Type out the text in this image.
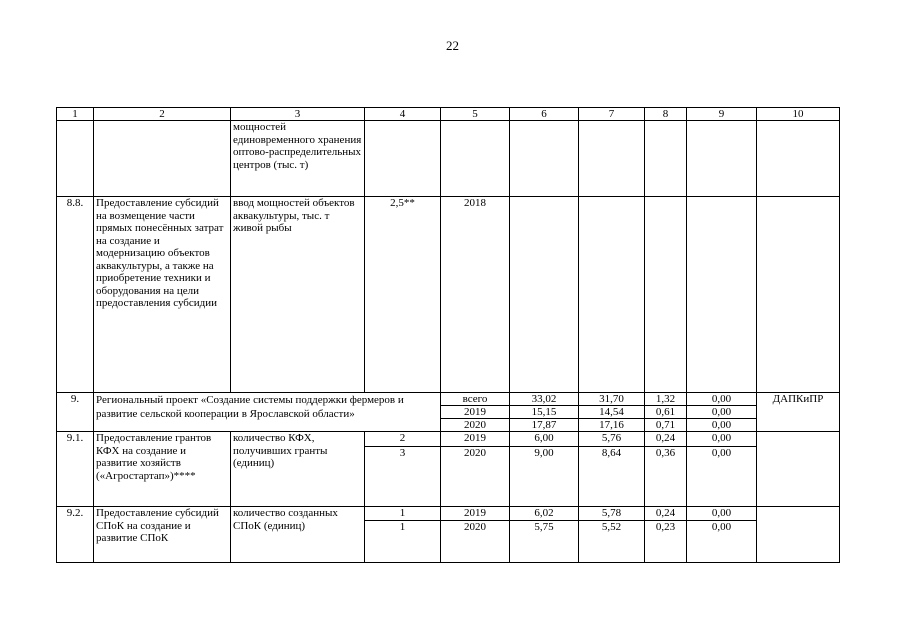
22
1	2	3	4	5	6	7	8	9	10
		мощностей единовременного хранения оптово-распределительных центров (тыс. т)							
8.8.	Предоставление субсидий на возмещение части прямых понесённых затрат на создание и модернизацию объектов аквакультуры, а также на приобретение техники и оборудования на цели предоставления субсидии	ввод мощностей объектов аквакультуры, тыс. т живой рыбы	2,5**	2018					
9.	Региональный проект «Создание системы поддержки фермеров и развитие сельской кооперации в Ярославской области»			всего	33,02	31,70	1,32	0,00	ДАПКиПР
				2019	15,15	14,54	0,61	0,00	
				2020	17,87	17,16	0,71	0,00	
9.1.	Предоставление грантов КФХ на создание и развитие хозяйств («Агростартап»)****	количество КФХ, получивших гранты (единиц)	2	2019	6,00	5,76	0,24	0,00	
			3	2020	9,00	8,64	0,36	0,00	
9.2.	Предоставление субсидий СПоК на создание и развитие СПоК	количество созданных СПоК (единиц)	1	2019	6,02	5,78	0,24	0,00	
			1	2020	5,75	5,52	0,23	0,00	
